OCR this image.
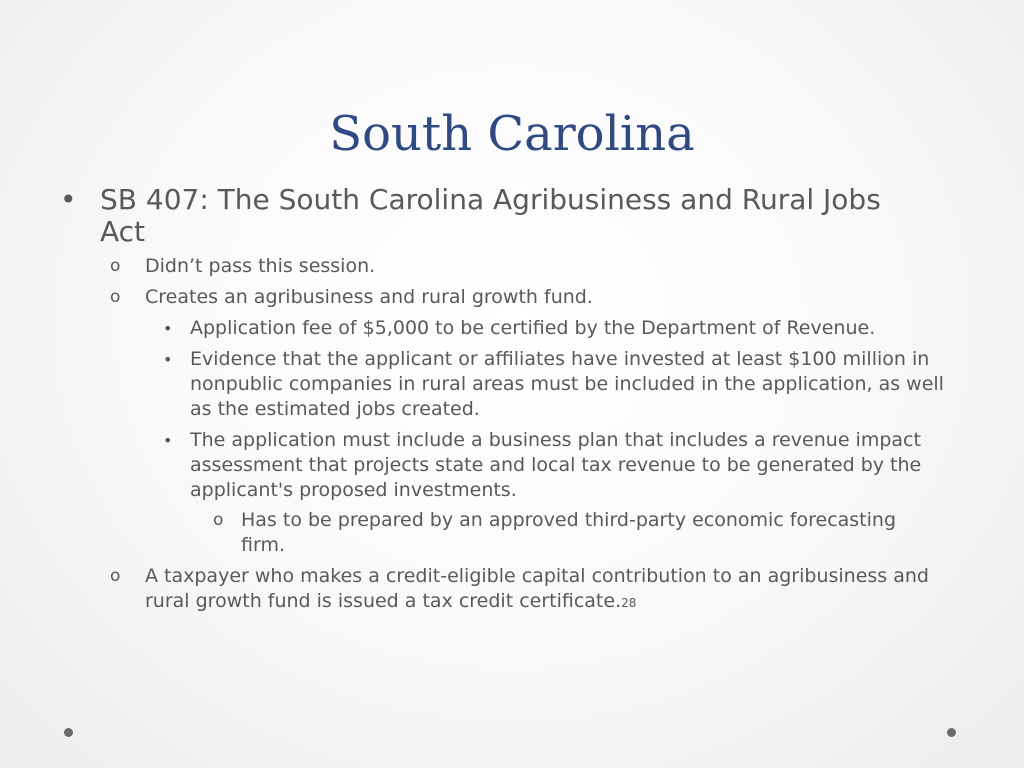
South Carolina
• SB 407: The South Carolina Agribusiness and Rural Jobs Act
o Didn’t pass this session.
o Creates an agribusiness and rural growth fund.
• Application fee of $5,000 to be certified by the Department of Revenue.
• Evidence that the applicant or affiliates have invested at least $100 million in nonpublic companies in rural areas must be included in the application, as well as the estimated jobs created.
• The application must include a business plan that includes a revenue impact assessment that projects state and local tax revenue to be generated by the applicant's proposed investments.
o Has to be prepared by an approved third-party economic forecasting firm.
o A taxpayer who makes a credit-eligible capital contribution to an agribusiness and rural growth fund is issued a tax credit certificate.28
